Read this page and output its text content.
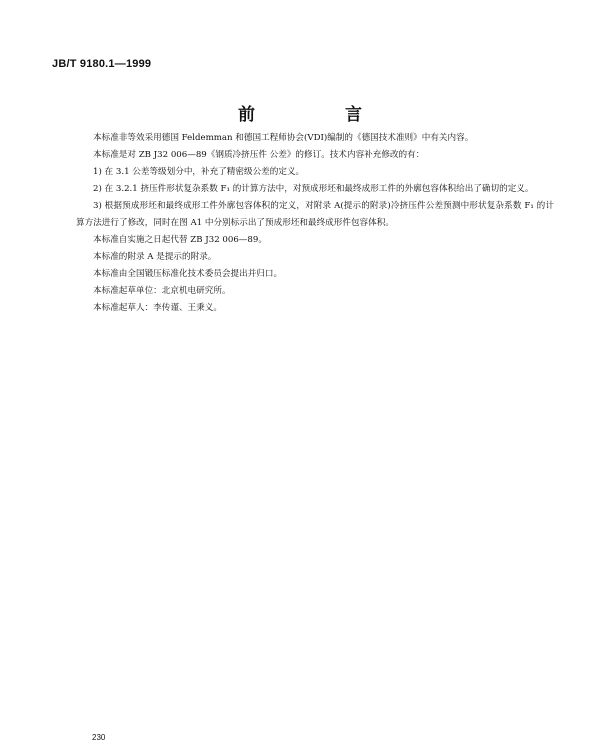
JB/T 9180.1—1999
前 言

本标准非等效采用德国 Feldemman 和德国工程师协会(VDI)编制的《德国技术准则》中有关内容。

本标准是对 ZB J32 006—89《钢质冷挤压件 公差》的修订。技术内容补充修改的有：

1) 在 3.1 公差等级划分中，补充了精密级公差的定义。

2) 在 3.2.1 挤压件形状复杂系数 F₁ 的计算方法中，对预成形坯和最终成形工件的外廓包容体积给出了确切的定义。

3) 根据预成形坯和最终成形工件外廓包容体积的定义，对附录 A(提示的附录)冷挤压件公差预测中形状复杂系数 F₁ 的计算方法进行了修改，同时在图 A1 中分别标示出了预成形坯和最终成形件包容体积。

本标准自实施之日起代替 ZB J32 006—89。

本标准的附录 A 是提示的附录。

本标准由全国锻压标准化技术委员会提出并归口。

本标准起草单位：北京机电研究所。

本标准起草人：李传谨、王秉义。

230
